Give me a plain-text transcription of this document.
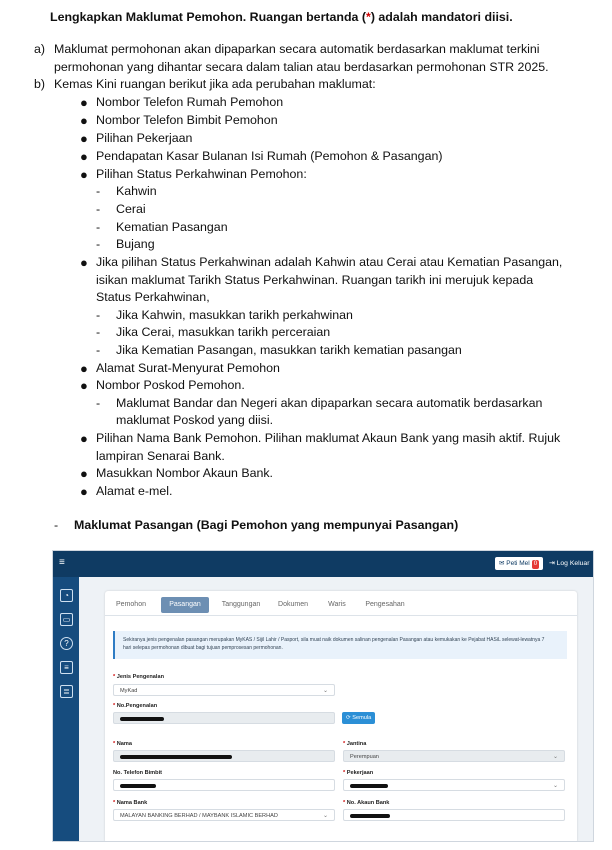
Lengkapkan Maklumat Pemohon. Ruangan bertanda (*) adalah mandatori diisi.
a) Maklumat permohonan akan dipaparkan secara automatik berdasarkan maklumat terkini
permohonan yang dihantar secara dalam talian atau berdasarkan permohonan STR 2025.
b) Kemas Kini ruangan berikut jika ada perubahan maklumat:
● Nombor Telefon Rumah Pemohon
● Nombor Telefon Bimbit Pemohon
● Pilihan Pekerjaan
● Pendapatan Kasar Bulanan Isi Rumah (Pemohon & Pasangan)
● Pilihan Status Perkahwinan Pemohon:
- Kahwin
- Cerai
- Kematian Pasangan
- Bujang
● Jika pilihan Status Perkahwinan adalah Kahwin atau Cerai atau Kematian Pasangan,
isikan maklumat Tarikh Status Perkahwinan. Ruangan tarikh ini merujuk kepada
Status Perkahwinan,
- Jika Kahwin, masukkan tarikh perkahwinan
- Jika Cerai, masukkan tarikh perceraian
- Jika Kematian Pasangan, masukkan tarikh kematian pasangan
● Alamat Surat-Menyurat Pemohon
● Nombor Poskod Pemohon.
- Maklumat Bandar dan Negeri akan dipaparkan secara automatik berdasarkan
maklumat Poskod yang diisi.
● Pilihan Nama Bank Pemohon. Pilihan maklumat Akaun Bank yang masih aktif. Rujuk
lampiran Senarai Bank.
● Masukkan Nombor Akaun Bank.
● Alamat e-mel.
- Maklumat Pasangan (Bagi Pemohon yang mempunyai Pasangan)
≡	✉ Peti Mel 0	⇥ Log Keluar
◔
▭
?
≡
≣
Pemohon	Pasangan	Tanggungan	Dokumen	Waris	Pengesahan
Sekiranya jenis pengenalan pasangan merupakan MyKAS / Sijil Lahir / Pasport, sila muat naik dokumen salinan pengenalan Pasangan atau kemukakan ke Pejabat HASiL selewat-lewatnya 7 hari selepas permohonan dibuat bagi tujuan pemprosesan permohonan.
* Jenis Pengenalan
MyKad	⌄
* No.Pengenalan
⟳ Semula
* Nama	* Jantina
Perempuan	⌄
No. Telefon Bimbit	* Pekerjaan
⌄
* Nama Bank
MALAYAN BANKING BERHAD / MAYBANK ISLAMIC BERHAD	⌄
* No. Akaun Bank
